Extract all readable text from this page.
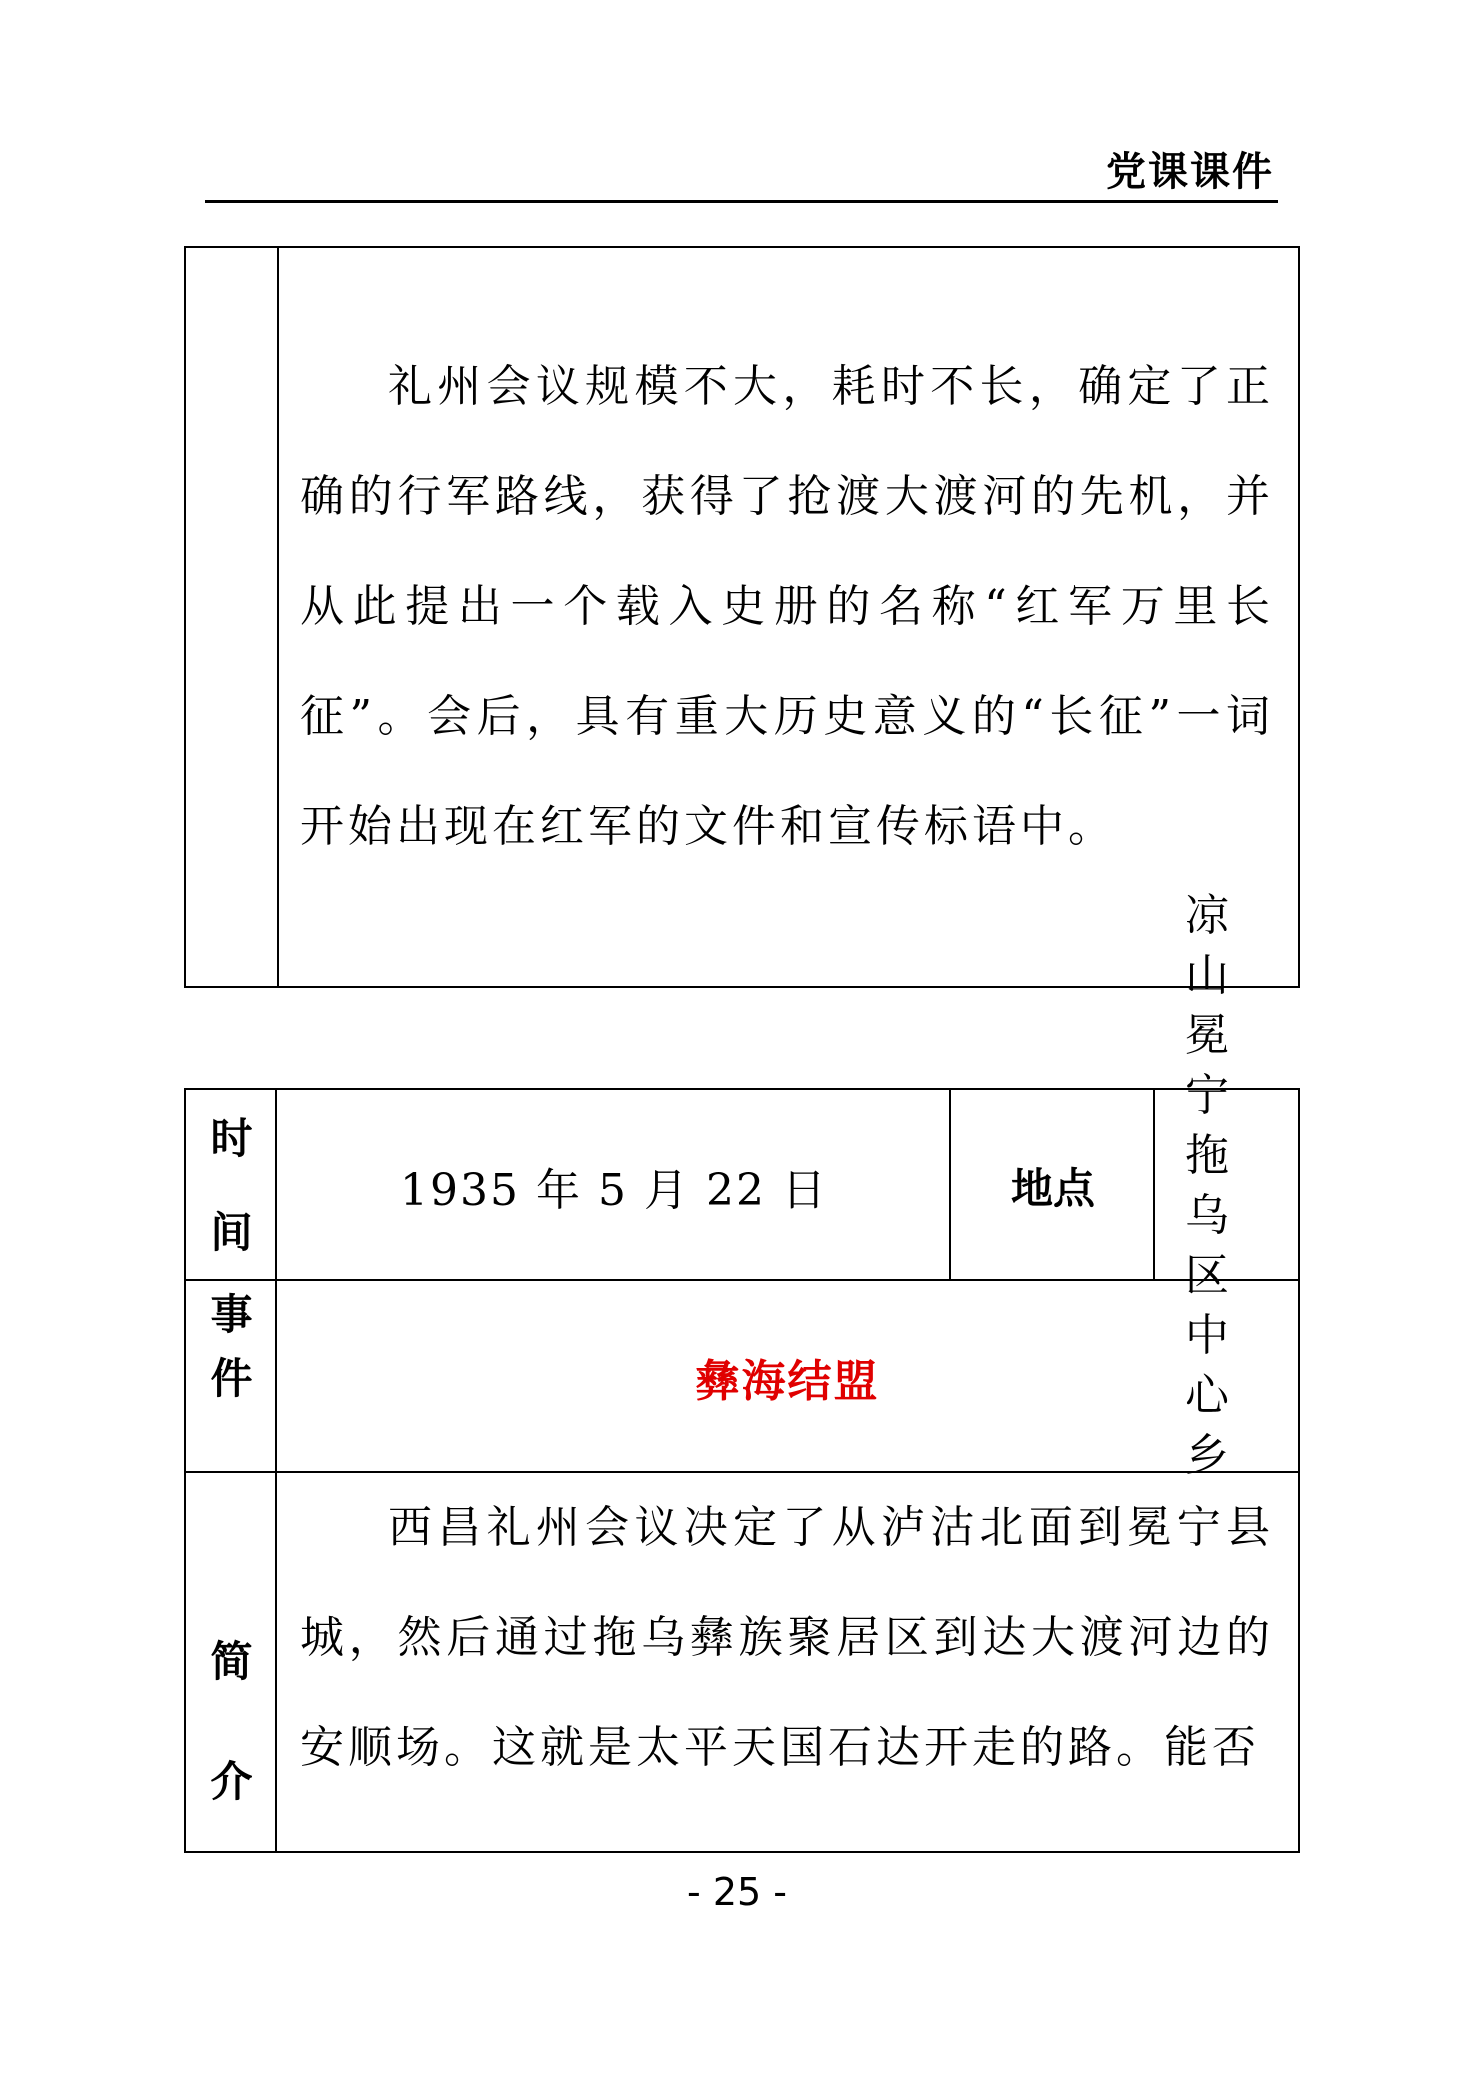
党课课件

礼州会议规模不大，耗时不长，确定了正确的行军路线，获得了抢渡大渡河的先机，并从此提出一个载入史册的名称“红军万里长征”。会后，具有重大历史意义的“长征”一词开始出现在红军的文件和宣传标语中。

时
间
1935 年 5 月 22 日	地点
凉山冕宁拖乌区中心乡
事
件	彝海结盟
简
介

西昌礼州会议决定了从泸沽北面到冕宁县城，然后通过拖乌彝族聚居区到达大渡河边的安顺场。这就是太平天国石达开走的路。能否

- 25 -
